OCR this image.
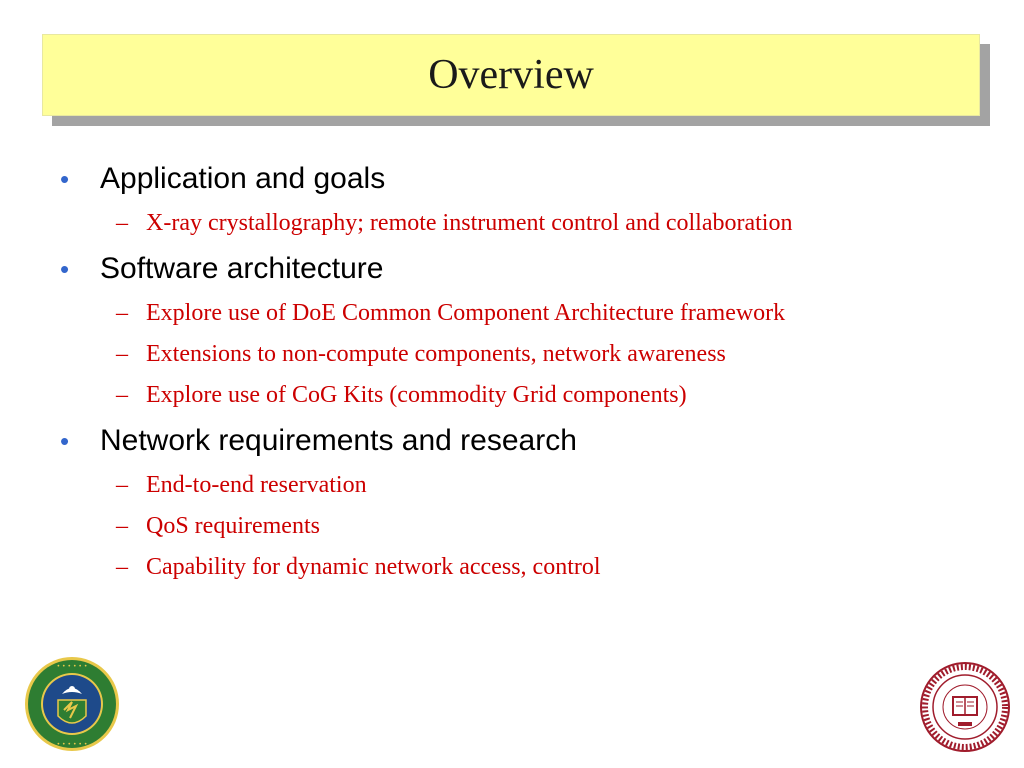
Overview
•	Application and goals
– X-ray crystallography; remote instrument control and collaboration
•	Software architecture
– Explore use of DoE Common Component Architecture framework
– Extensions to non-compute components, network awareness
– Explore use of CoG Kits (commodity Grid components)
•	Network requirements and research
– End-to-end reservation
– QoS requirements
– Capability for dynamic network access, control
• • • • • •
• • • • • •
